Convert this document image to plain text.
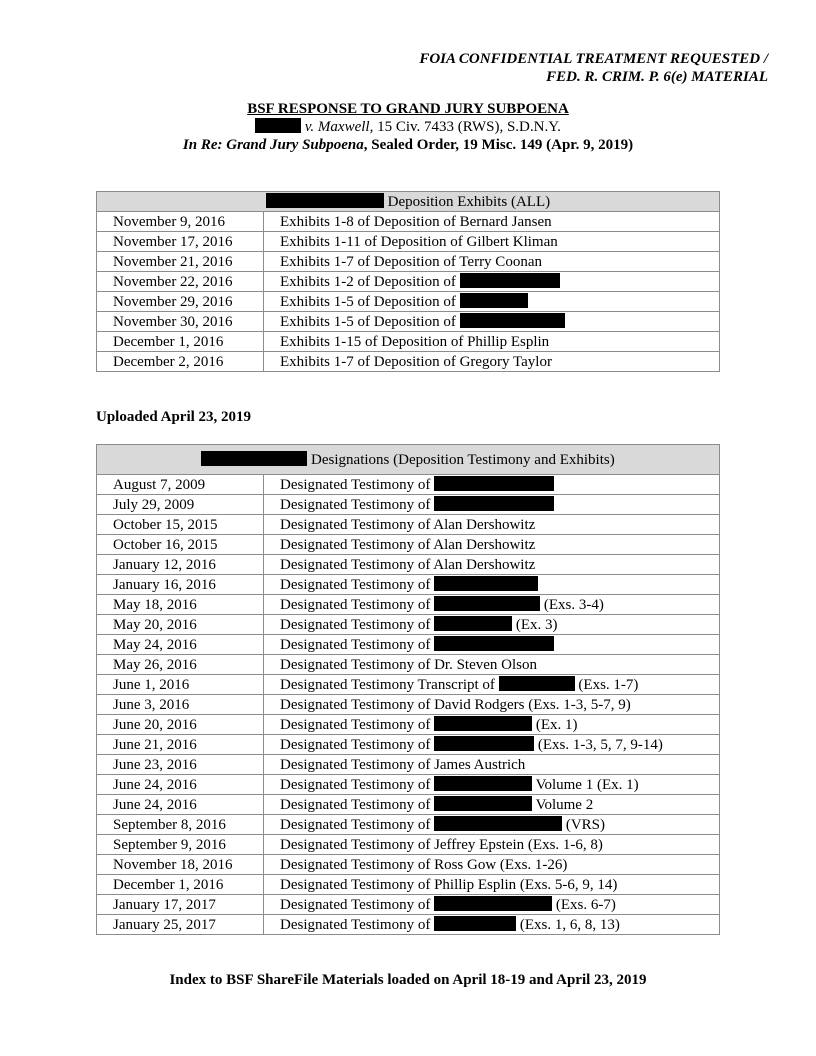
FOIA CONFIDENTIAL TREATMENT REQUESTED /
FED. R. CRIM. P. 6(e) MATERIAL
BSF RESPONSE TO GRAND JURY SUBPOENA
v. Maxwell, 15 Civ. 7433 (RWS), S.D.N.Y.
In Re: Grand Jury Subpoena, Sealed Order, 19 Misc. 149 (Apr. 9, 2019)
Deposition Exhibits (ALL)	
November 9, 2016	Exhibits 1-8 of Deposition of Bernard Jansen
November 17, 2016	Exhibits 1-11 of Deposition of Gilbert Kliman
November 21, 2016	Exhibits 1-7 of Deposition of Terry Coonan
November 22, 2016	Exhibits 1-2 of Deposition of
November 29, 2016	Exhibits 1-5 of Deposition of
November 30, 2016	Exhibits 1-5 of Deposition of
December 1, 2016	Exhibits 1-15 of Deposition of Phillip Esplin
December 2, 2016	Exhibits 1-7 of Deposition of Gregory Taylor
Uploaded April 23, 2019
Designations (Deposition Testimony and Exhibits)	
August 7, 2009	Designated Testimony of
July 29, 2009	Designated Testimony of
October 15, 2015	Designated Testimony of Alan Dershowitz
October 16, 2015	Designated Testimony of Alan Dershowitz
January 12, 2016	Designated Testimony of Alan Dershowitz
January 16, 2016	Designated Testimony of
May 18, 2016	Designated Testimony of (Exs. 3-4)
May 20, 2016	Designated Testimony of (Ex. 3)
May 24, 2016	Designated Testimony of
May 26, 2016	Designated Testimony of Dr. Steven Olson
June 1, 2016	Designated Testimony Transcript of (Exs. 1-7)
June 3, 2016	Designated Testimony of David Rodgers (Exs. 1-3, 5-7, 9)
June 20, 2016	Designated Testimony of (Ex. 1)
June 21, 2016	Designated Testimony of (Exs. 1-3, 5, 7, 9-14)
June 23, 2016	Designated Testimony of James Austrich
June 24, 2016	Designated Testimony of Volume 1 (Ex. 1)
June 24, 2016	Designated Testimony of Volume 2
September 8, 2016	Designated Testimony of (VRS)
September 9, 2016	Designated Testimony of Jeffrey Epstein (Exs. 1-6, 8)
November 18, 2016	Designated Testimony of Ross Gow (Exs. 1-26)
December 1, 2016	Designated Testimony of Phillip Esplin (Exs. 5-6, 9, 14)
January 17, 2017	Designated Testimony of (Exs. 6-7)
January 25, 2017	Designated Testimony of (Exs. 1, 6, 8, 13)
Index to BSF ShareFile Materials loaded on April 18-19 and April 23, 2019
